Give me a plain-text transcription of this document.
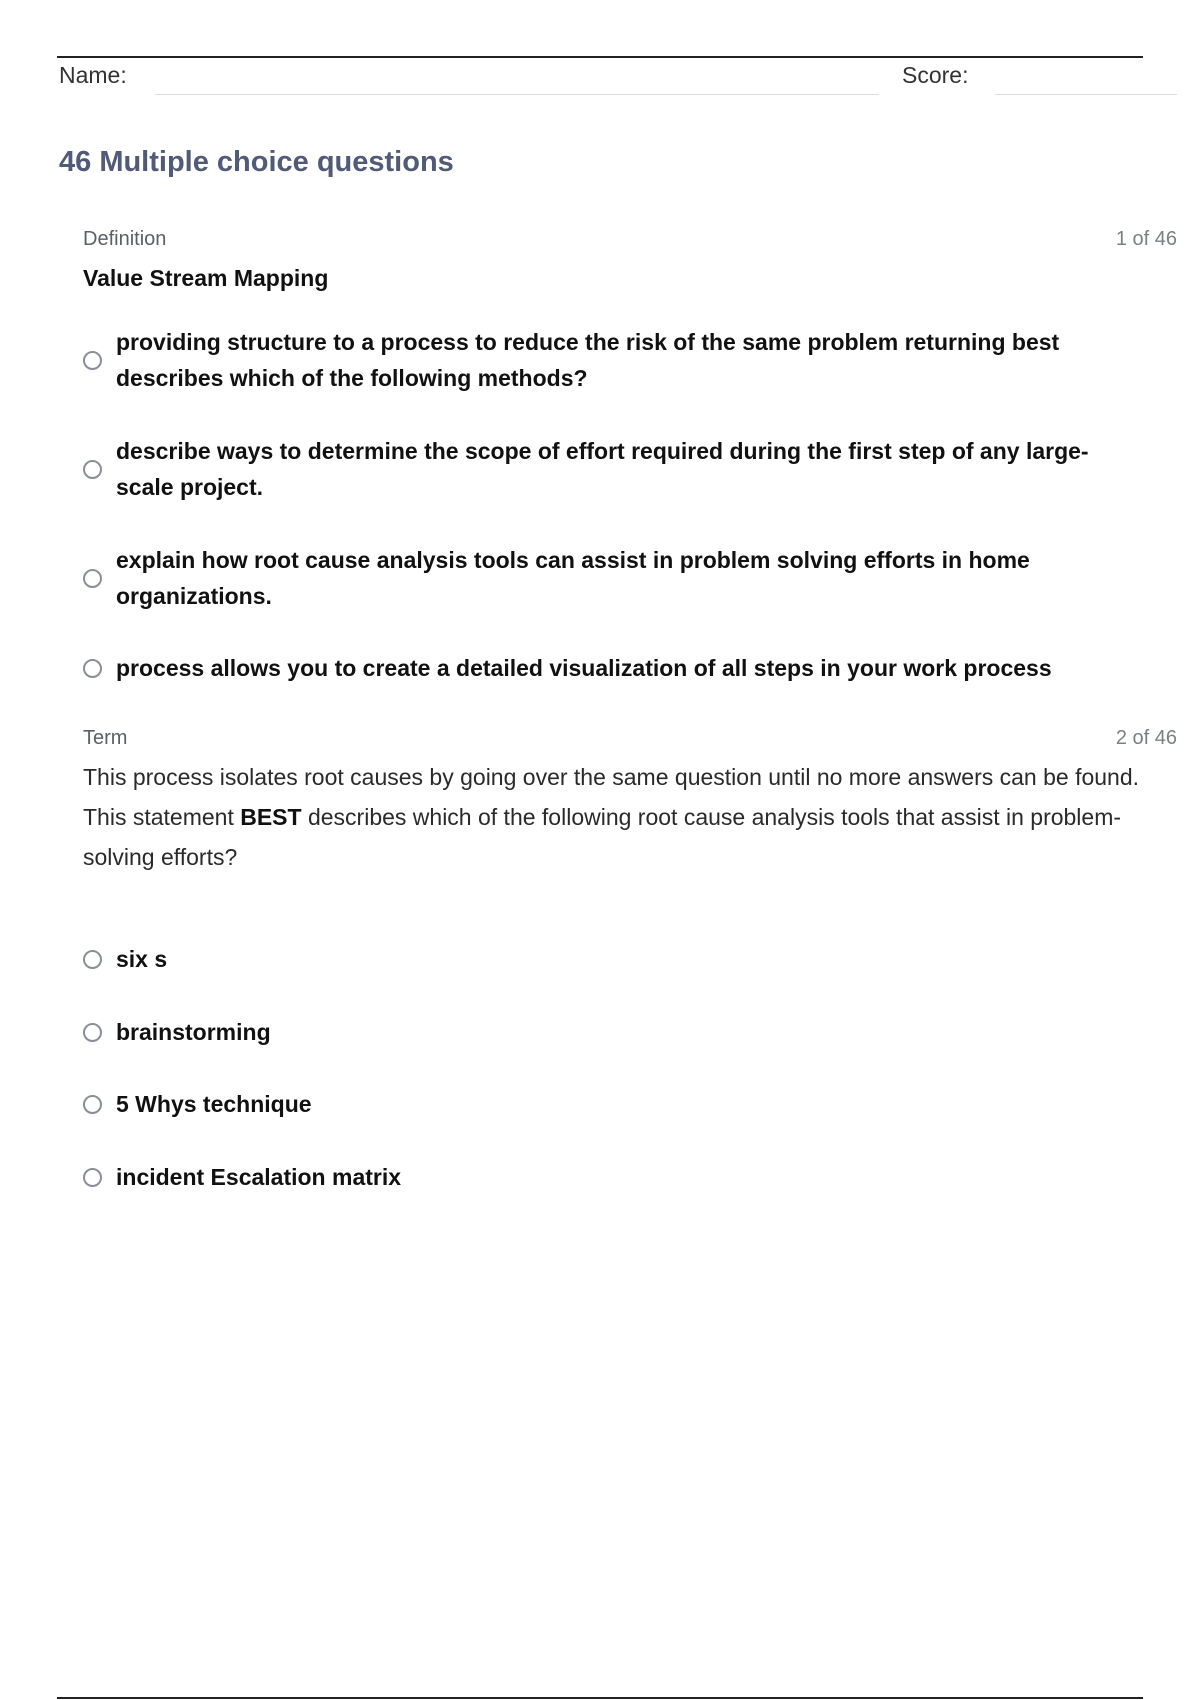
Name:	Score:
46 Multiple choice questions
Definition	1 of 46
Value Stream Mapping
providing structure to a process to reduce the risk of the same problem returning best describes which of the following methods?
describe ways to determine the scope of effort required during the first step of any large-scale project.
explain how root cause analysis tools can assist in problem solving efforts in home organizations.
process allows you to create a detailed visualization of all steps in your work process
Term	2 of 46
This process isolates root causes by going over the same question until no more answers can be found.
This statement BEST describes which of the following root cause analysis tools that assist in problem-solving efforts?
six s
brainstorming
5 Whys technique
incident Escalation matrix
